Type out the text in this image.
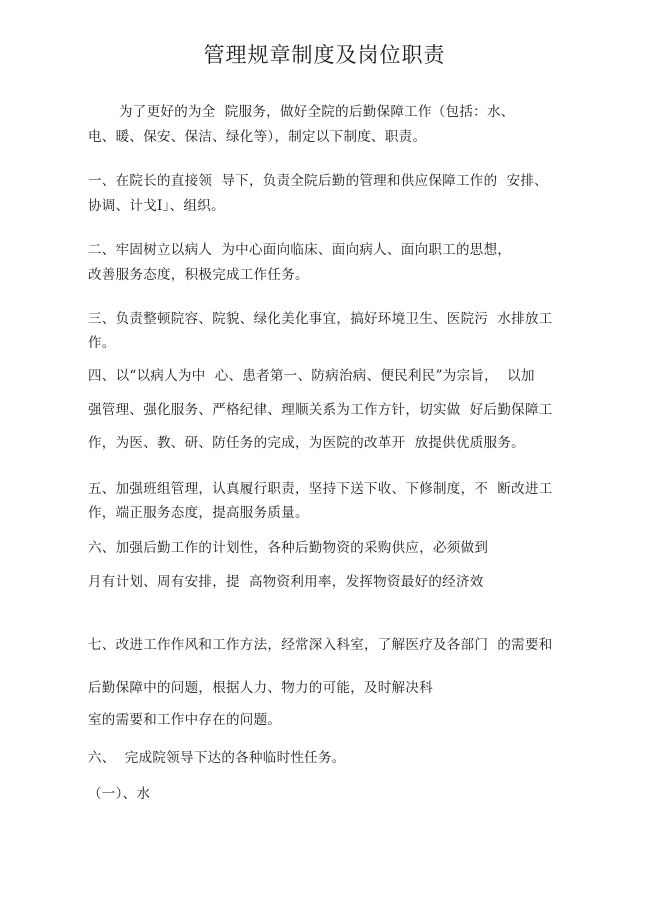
管理规章制度及岗位职责
为了更好的为全  院服务，做好全院的后勤保障工作（包括：水、
电、暖、保安、保洁、绿化等），制定以下制度、职责。
一、在院长的直接领  导下，负责全院后勤的管理和供应保障工作的  安排、
协调、计戈I」、组织。
二、牢固树立以病人  为中心面向临床、面向病人、面向职工的思想，
改善服务态度，积极完成工作任务。
三、负责整顿院容、院貌、绿化美化事宜，搞好环境卫生、医院污  水排放工
作。
四、以“以病人为中  心、患者第一、防病治病、便民利民”为宗旨，  以加
强管理、强化服务、严格纪律、理顺关系为工作方针，切实做  好后勤保障工
作，为医、教、研、防任务的完成，为医院的改革开  放提供优质服务。
五、加强班组管理，认真履行职责，坚持下送下收、下修制度，不  断改进工
作，端正服务态度，提高服务质量。
六、加强后勤工作的计划性，各种后勤物资的采购供应，必须做到
月有计划、周有安排，提  高物资利用率，发挥物资最好的经济效
七、改进工作作风和工作方法，经常深入科室，了解医疗及各部门  的需要和
后勤保障中的问题，根据人力、物力的可能，及时解决科
室的需要和工作中存在的问题。
六、  完成院领导下达的各种临时性任务。
（一）、水
